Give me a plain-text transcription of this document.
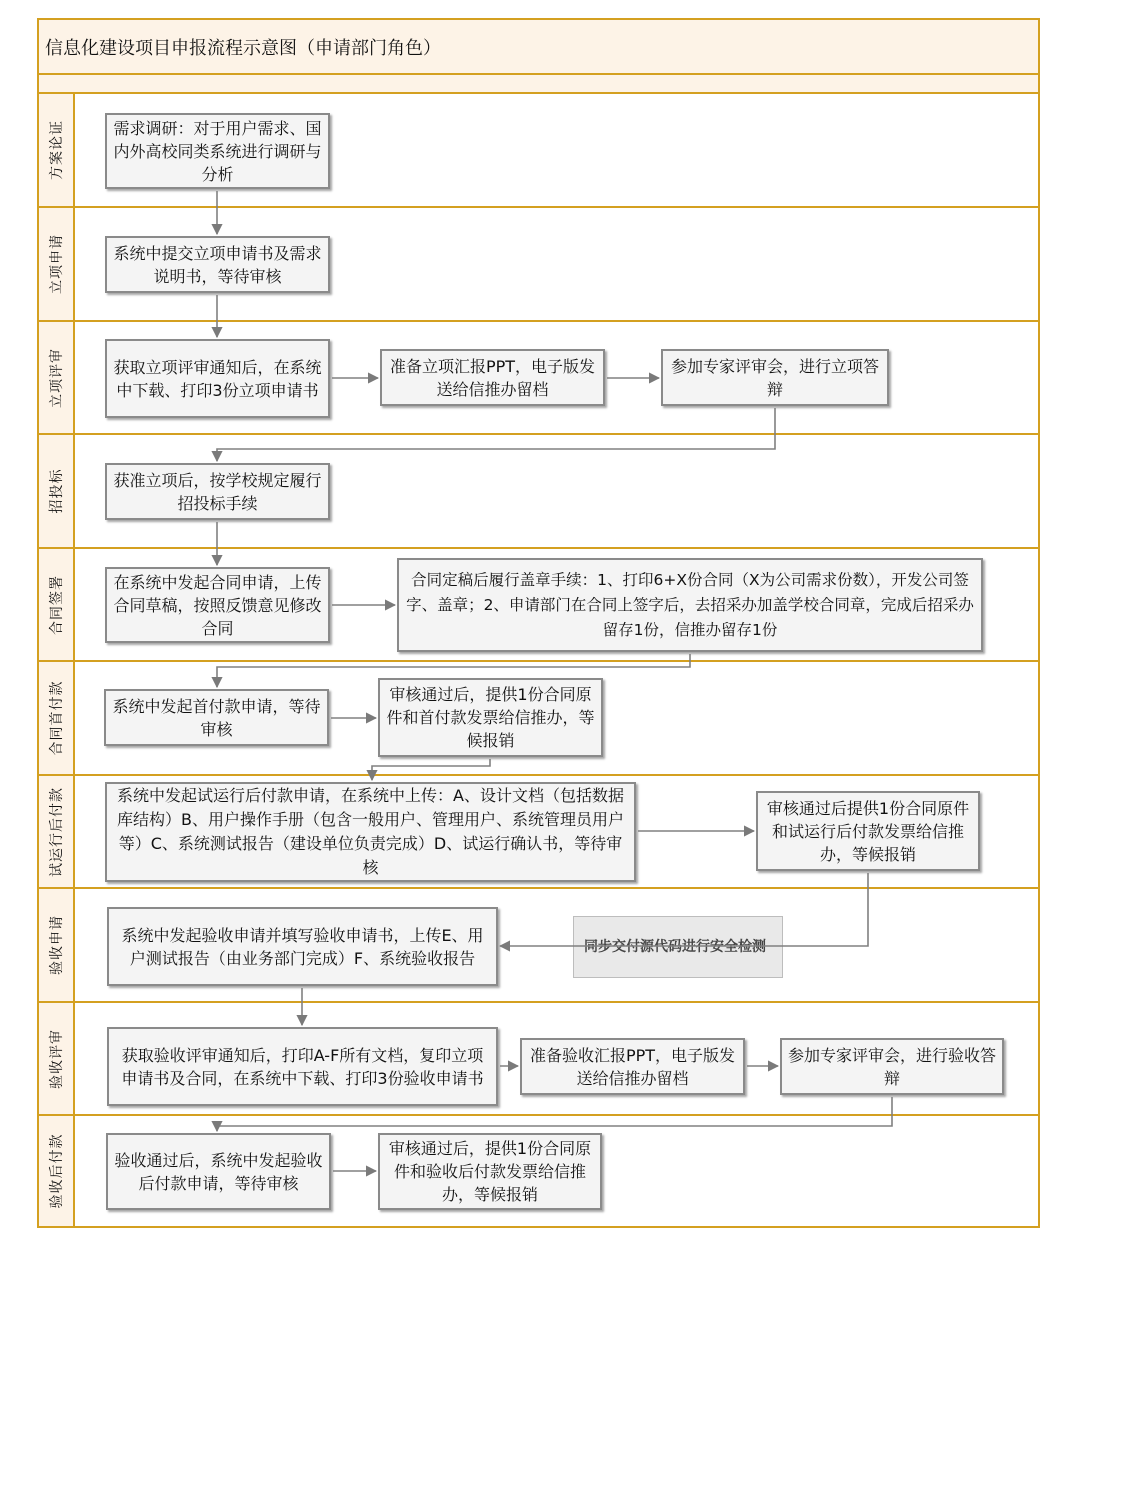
信息化建设项目申报流程示意图（申请部门角色）
方案论证
立项申请
立项评审
招投标
合同签署
合同首付款
试运行后付款
验收申请
验收评审
验收后付款
需求调研：对于用户需求、国内外高校同类系统进行调研与分析
系统中提交立项申请书及需求说明书，等待审核
获取立项评审通知后，在系统中下载、打印3份立项申请书
准备立项汇报PPT，电子版发送给信推办留档
参加专家评审会，进行立项答辩
获准立项后，按学校规定履行招投标手续
在系统中发起合同申请，上传合同草稿，按照反馈意见修改合同
合同定稿后履行盖章手续：1、打印6+X份合同（X为公司需求份数），开发公司签字、盖章；2、申请部门在合同上签字后，去招采办加盖学校合同章，完成后招采办留存1份，信推办留存1份
系统中发起首付款申请，等待审核
审核通过后，提供1份合同原件和首付款发票给信推办，等候报销
系统中发起试运行后付款申请，在系统中上传：A、设计文档（包括数据库结构）B、用户操作手册（包含一般用户、管理用户、系统管理员用户等）C、系统测试报告（建设单位负责完成）D、试运行确认书，等待审核
审核通过后提供1份合同原件和试运行后付款发票给信推办，等候报销
系统中发起验收申请并填写验收申请书，上传E、用户测试报告（由业务部门完成）F、系统验收报告
同步交付源代码进行安全检测
获取验收评审通知后，打印A-F所有文档，复印立项申请书及合同，在系统中下载、打印3份验收申请书
准备验收汇报PPT，电子版发送给信推办留档
参加专家评审会，进行验收答辩
验收通过后，系统中发起验收后付款申请，等待审核
审核通过后，提供1份合同原件和验收后付款发票给信推办，等候报销
